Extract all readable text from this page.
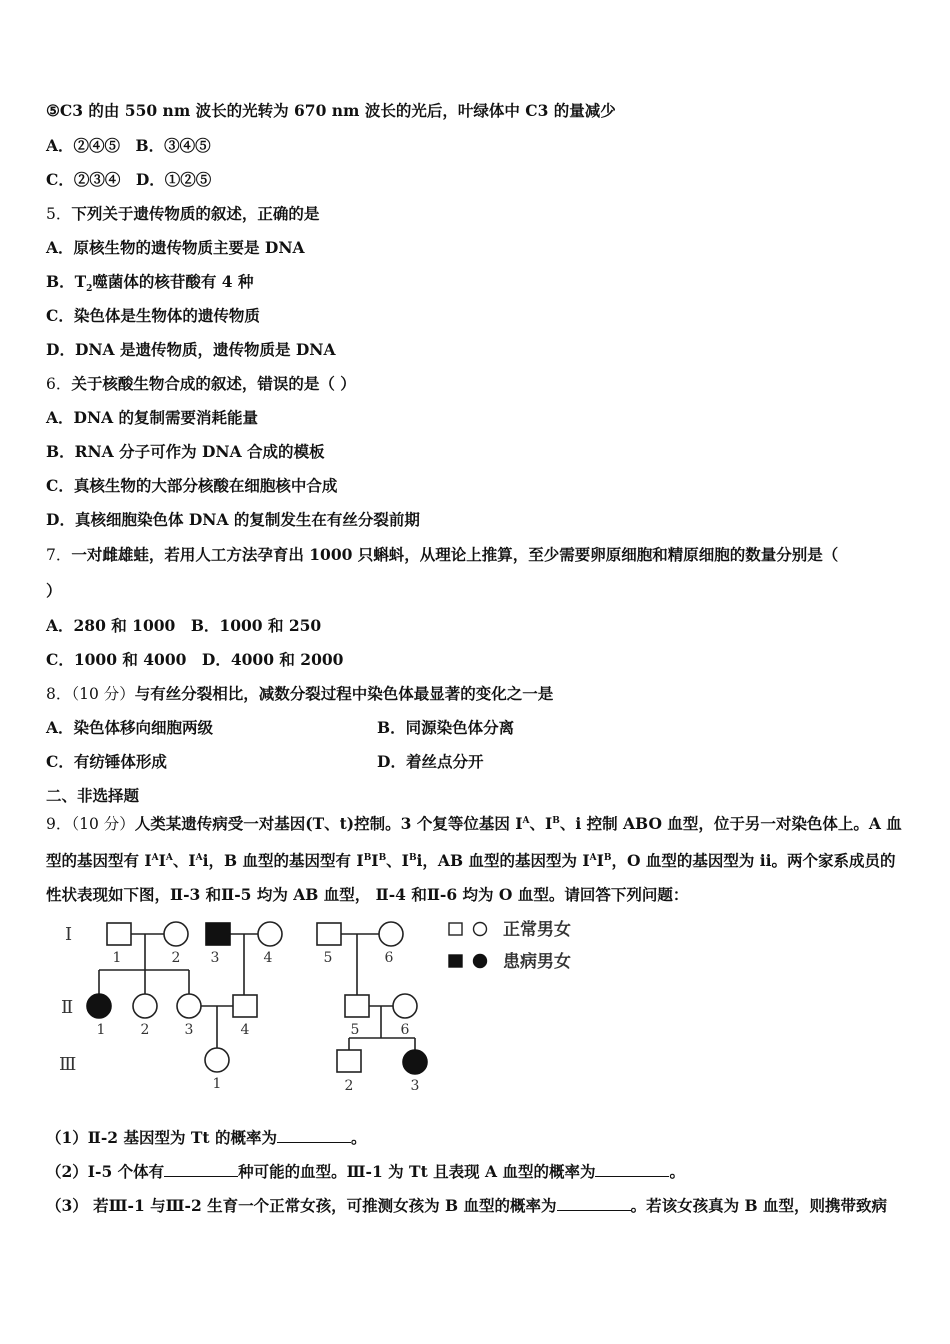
⑤C3 的由 550 nm 波长的光转为 670 nm 波长的光后，叶绿体中 C3 的量减少
A．②④⑤　B．③④⑤
C．②③④　D．①②⑤
5．下列关于遗传物质的叙述，正确的是
A．原核生物的遗传物质主要是 DNA
B．$T_2$噬菌体的核苷酸有 4 种
C．染色体是生物体的遗传物质
D．DNA 是遗传物质，遗传物质是 DNA
6．关于核酸生物合成的叙述，错误的是（ ）
A．DNA 的复制需要消耗能量
B．RNA 分子可作为 DNA 合成的模板
C．真核生物的大部分核酸在细胞核中合成
D．真核细胞染色体 DNA 的复制发生在有丝分裂前期
7．一对雌雄蛙，若用人工方法孕育出 1000 只蝌蚪，从理论上推算，至少需要卵原细胞和精原细胞的数量分别是（
）
A．280 和 1000　B．1000 和 250
C．1000 和 4000　D．4000 和 2000
8．（10 分）与有丝分裂相比，减数分裂过程中染色体最显著的变化之一是
A．染色体移向细胞两级	B．同源染色体分离
C．有纺锤体形成	D．着丝点分开
二、非选择题
9．（10 分）人类某遗传病受一对基因(T、t)控制。3 个复等位基因 $I^A$、$I^B$、i 控制 ABO 血型，位于另一对染色体上。A 血
型的基因型有 $I^AI^A$、$I^Ai$，B 血型的基因型有 $I^BI^B$、$I^Bi$，AB 血型的基因型为 $I^AI^B$，O 血型的基因型为 ii。两个家系成员的
性状表现如下图，Ⅱ-3 和Ⅱ-5 均为 AB 血型， Ⅱ-4 和Ⅱ-6 均为 O 血型。请回答下列问题：
Ⅰ
Ⅱ
Ⅲ
1	2 3	4	5	6
1	2	3	4	5	6
1	2	3
正常男女
患病男女
（1）Ⅱ-2 基因型为 Tt 的概率为	。
（2）Ⅰ-5 个体有	种可能的血型。Ⅲ-1 为 Tt 且表现 A 血型的概率为	。
（3） 若Ⅲ-1 与Ⅲ-2 生育一个正常女孩，可推测女孩为 B 血型的概率为	。若该女孩真为 B 血型，则携带致病
